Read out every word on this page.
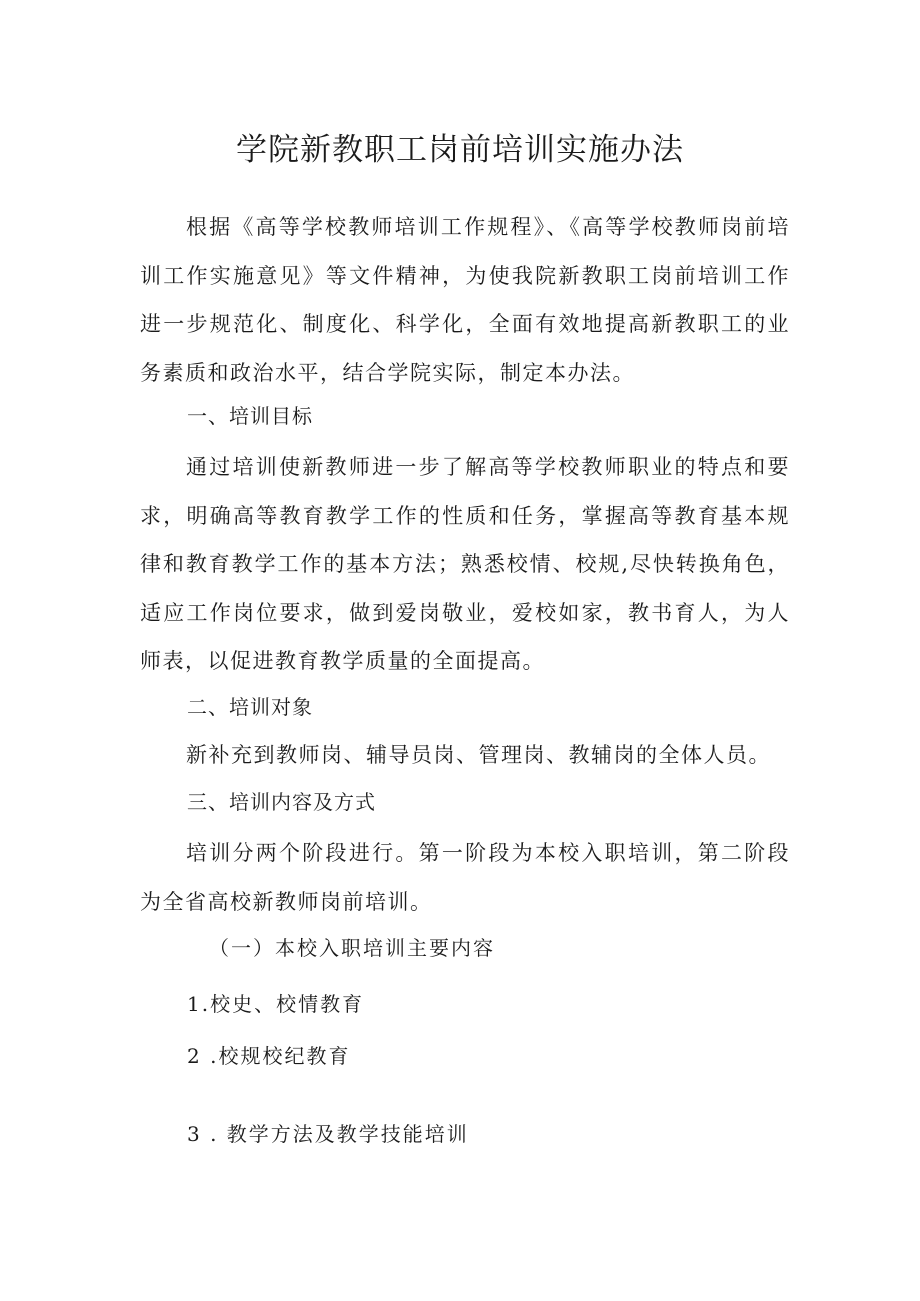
学院新教职工岗前培训实施办法
根据《高等学校教师培训工作规程》、《高等学校教师岗前培训工作实施意见》等文件精神，为使我院新教职工岗前培训工作进一步规范化、制度化、科学化，全面有效地提高新教职工的业务素质和政治水平，结合学院实际，制定本办法。
一、培训目标
通过培训使新教师进一步了解高等学校教师职业的特点和要求，明确高等教育教学工作的性质和任务，掌握高等教育基本规律和教育教学工作的基本方法；熟悉校情、校规,尽快转换角色，适应工作岗位要求，做到爱岗敬业，爱校如家，教书育人，为人师表，以促进教育教学质量的全面提高。
二、培训对象
新补充到教师岗、辅导员岗、管理岗、教辅岗的全体人员。
三、培训内容及方式
培训分两个阶段进行。第一阶段为本校入职培训，第二阶段为全省高校新教师岗前培训。
（一）本校入职培训主要内容
1.校史、校情教育
2 .校规校纪教育
3 . 教学方法及教学技能培训
